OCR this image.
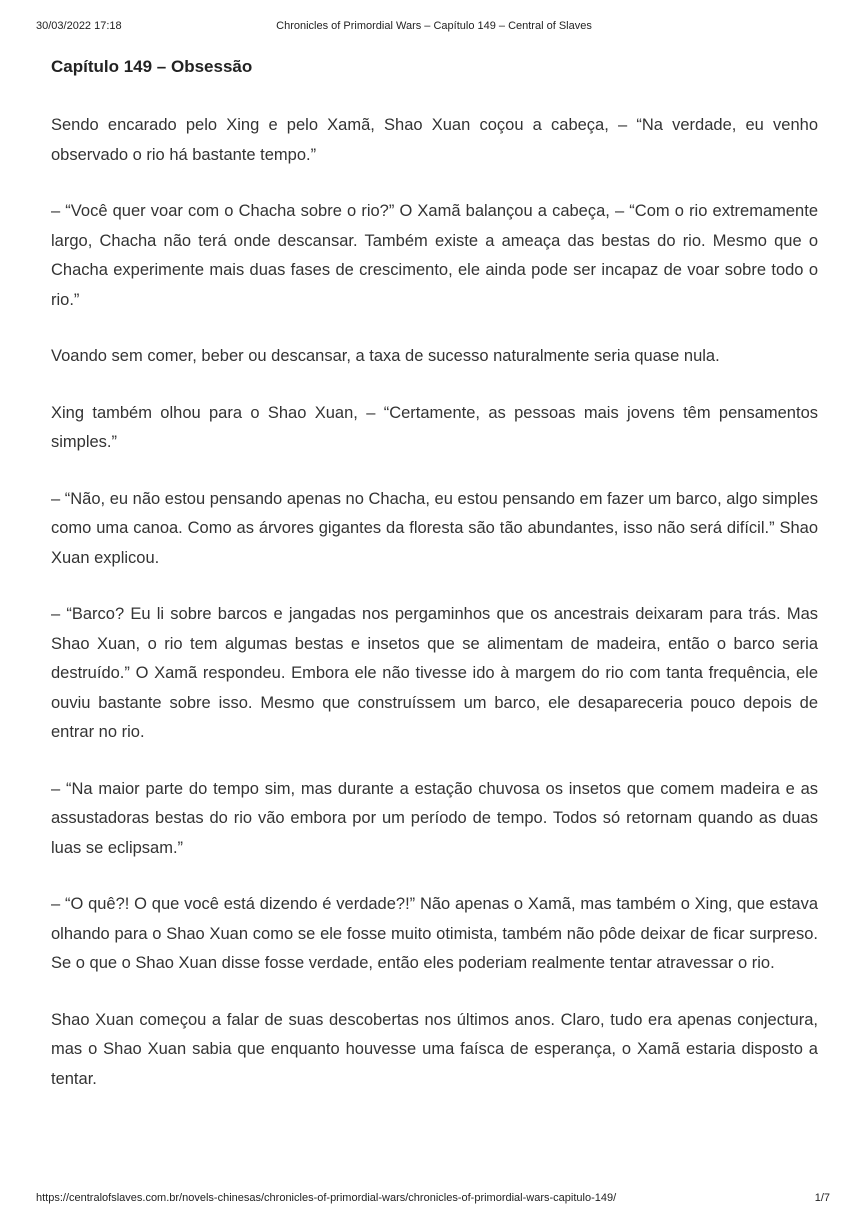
30/03/2022 17:18	Chronicles of Primordial Wars – Capítulo 149 – Central of Slaves
Capítulo 149 – Obsessão

Sendo encarado pelo Xing e pelo Xamã, Shao Xuan coçou a cabeça, – “Na verdade, eu venho observado o rio há bastante tempo.”

– “Você quer voar com o Chacha sobre o rio?” O Xamã balançou a cabeça, – “Com o rio extremamente largo, Chacha não terá onde descansar. Também existe a ameaça das bestas do rio. Mesmo que o Chacha experimente mais duas fases de crescimento, ele ainda pode ser incapaz de voar sobre todo o rio.”

Voando sem comer, beber ou descansar, a taxa de sucesso naturalmente seria quase nula.

Xing também olhou para o Shao Xuan, – “Certamente, as pessoas mais jovens têm pensamentos simples.”

– “Não, eu não estou pensando apenas no Chacha, eu estou pensando em fazer um barco, algo simples como uma canoa. Como as árvores gigantes da floresta são tão abundantes, isso não será difícil.” Shao Xuan explicou.

– “Barco? Eu li sobre barcos e jangadas nos pergaminhos que os ancestrais deixaram para trás. Mas Shao Xuan, o rio tem algumas bestas e insetos que se alimentam de madeira, então o barco seria destruído.” O Xamã respondeu. Embora ele não tivesse ido à margem do rio com tanta frequência, ele ouviu bastante sobre isso. Mesmo que construíssem um barco, ele desapareceria pouco depois de entrar no rio.

– “Na maior parte do tempo sim, mas durante a estação chuvosa os insetos que comem madeira e as assustadoras bestas do rio vão embora por um período de tempo. Todos só retornam quando as duas luas se eclipsam.”

– “O quê?! O que você está dizendo é verdade?!” Não apenas o Xamã, mas também o Xing, que estava olhando para o Shao Xuan como se ele fosse muito otimista, também não pôde deixar de ficar surpreso. Se o que o Shao Xuan disse fosse verdade, então eles poderiam realmente tentar atravessar o rio.

Shao Xuan começou a falar de suas descobertas nos últimos anos. Claro, tudo era apenas conjectura, mas o Shao Xuan sabia que enquanto houvesse uma faísca de esperança, o Xamã estaria disposto a tentar.

https://centralofslaves.com.br/novels-chinesas/chronicles-of-primordial-wars/chronicles-of-primordial-wars-capitulo-149/	1/7
